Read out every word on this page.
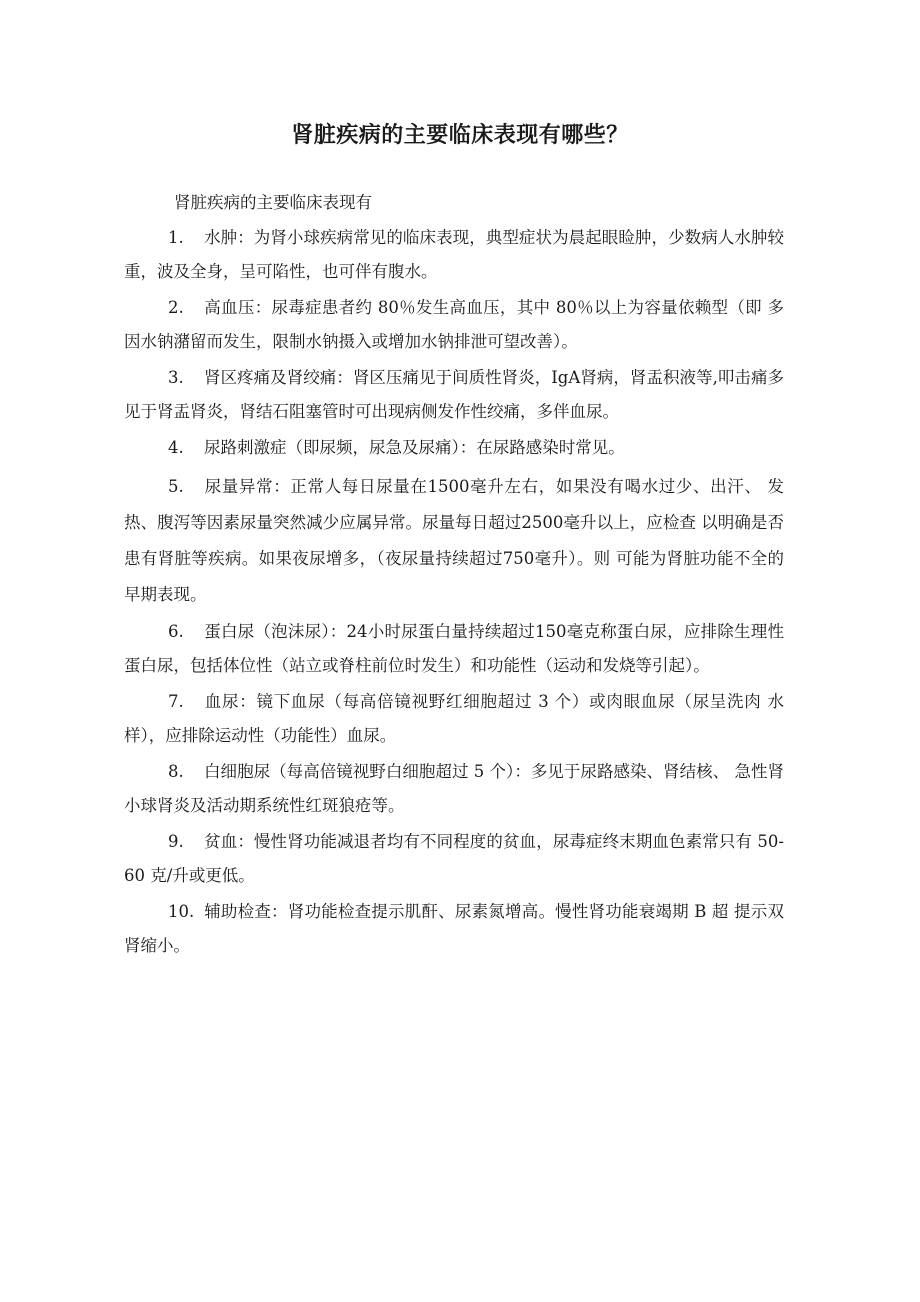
肾脏疾病的主要临床表现有哪些？

肾脏疾病的主要临床表现有

1. 水肿：为肾小球疾病常见的临床表现，典型症状为晨起眼睑肿，少数病人水肿较重，波及全身，呈可陷性，也可伴有腹水。

2. 高血压：尿毒症患者约 80％发生高血压，其中 80％以上为容量依赖型（即 多因水钠潴留而发生，限制水钠摄入或增加水钠排泄可望改善）。

3. 肾区疼痛及肾绞痛：肾区压痛见于间质性肾炎，IgA肾病，肾盂积液等,叩击痛多见于肾盂肾炎，肾结石阻塞管时可出现病侧发作性绞痛，多伴血尿。

4. 尿路刺激症（即尿频，尿急及尿痛）：在尿路感染时常见。

5. 尿量异常：正常人每日尿量在1500毫升左右，如果没有喝水过少、出汗、 发热、腹泻等因素尿量突然减少应属异常。尿量每日超过2500毫升以上，应检查 以明确是否患有肾脏等疾病。如果夜尿增多，（夜尿量持续超过750毫升）。则 可能为肾脏功能不全的早期表现。

6. 蛋白尿（泡沫尿）：24小时尿蛋白量持续超过150毫克称蛋白尿，应排除生理性蛋白尿，包括体位性（站立或脊柱前位时发生）和功能性（运动和发烧等引起）。

7. 血尿：镜下血尿（每高倍镜视野红细胞超过 3 个）或肉眼血尿（尿呈洗肉 水样），应排除运动性（功能性）血尿。

8. 白细胞尿（每高倍镜视野白细胞超过 5 个）：多见于尿路感染、肾结核、 急性肾小球肾炎及活动期系统性红斑狼疮等。

9. 贫血：慢性肾功能减退者均有不同程度的贫血，尿毒症终末期血色素常只有 50-60 克/升或更低。

10. 辅助检查：肾功能检查提示肌酐、尿素氮增高。慢性肾功能衰竭期 B 超 提示双肾缩小。
